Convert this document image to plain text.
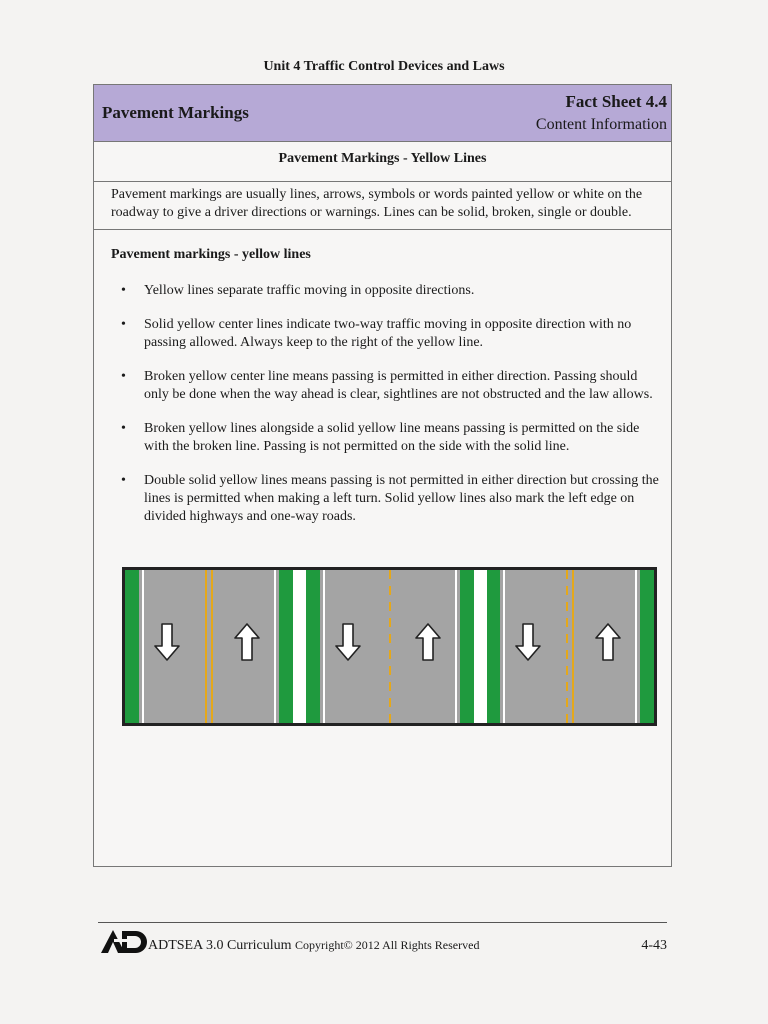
Unit 4 Traffic Control Devices and Laws
Pavement Markings
Fact Sheet 4.4
Content Information
Pavement Markings - Yellow Lines
Pavement markings are usually lines, arrows, symbols or words painted yellow or white on the roadway to give a driver directions or warnings. Lines can be solid, broken, single or double.
Pavement markings - yellow lines
• Yellow lines separate traffic moving in opposite directions.
• Solid yellow center lines indicate two-way traffic moving in opposite direction with no passing allowed. Always keep to the right of the yellow line.
• Broken yellow center line means passing is permitted in either direction. Passing should only be done when the way ahead is clear, sightlines are not obstructed and the law allows.
• Broken yellow lines alongside a solid yellow line means passing is permitted on the side with the broken line. Passing is not permitted on the side with the solid line.
• Double solid yellow lines means passing is not permitted in either direction but crossing the lines is permitted when making a left turn. Solid yellow lines also mark the left edge on divided highways and one-way roads.
ADTSEA 3.0 Curriculum Copyright© 2012 All Rights Reserved	4-43
